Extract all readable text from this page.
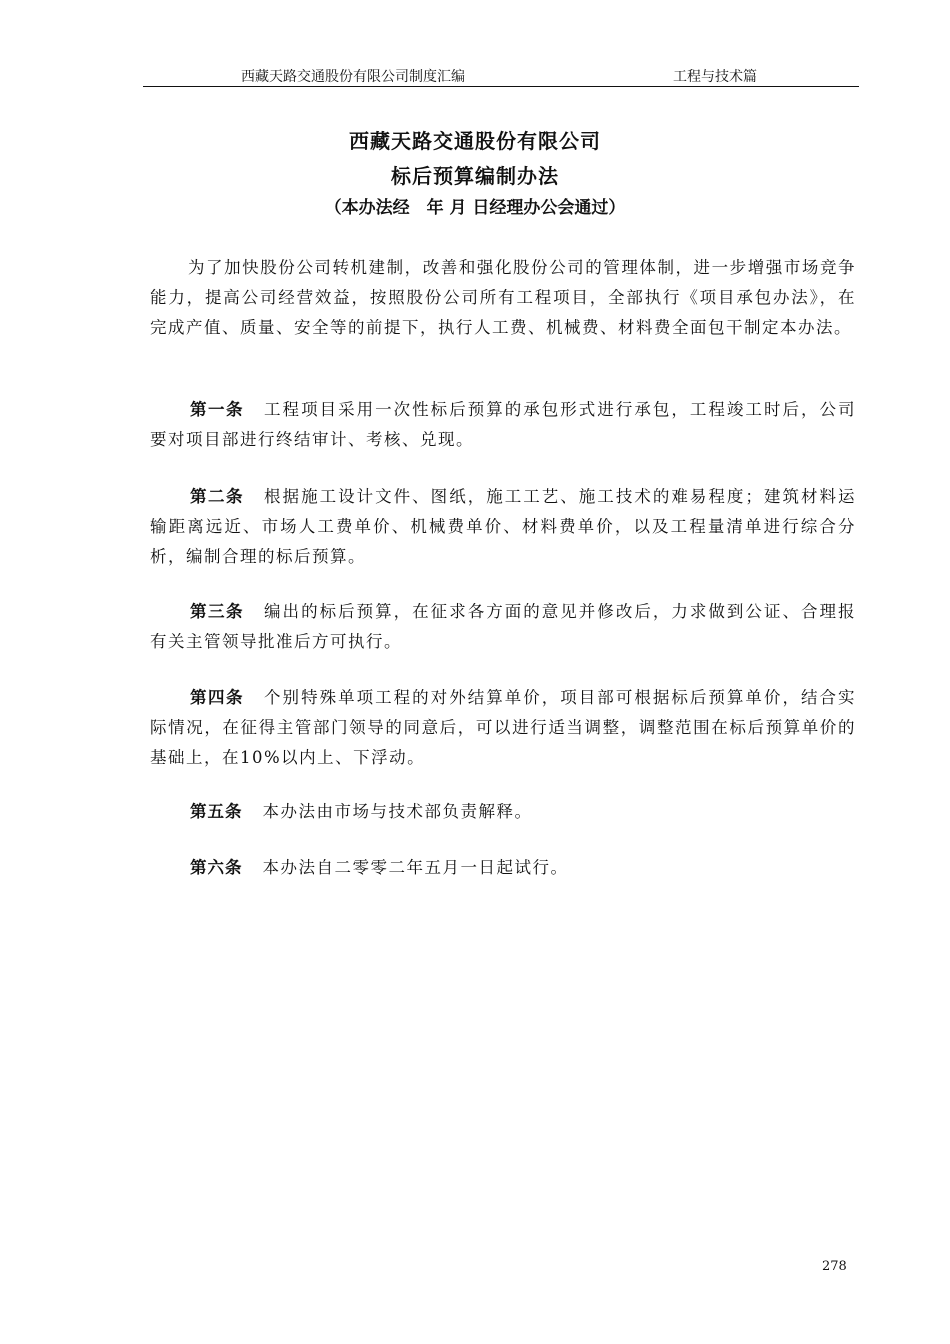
西藏天路交通股份有限公司制度汇编	工程与技术篇
西藏天路交通股份有限公司
标后预算编制办法
（本办法经　年 月 日经理办公会通过）

为了加快股份公司转机建制，改善和强化股份公司的管理体制，进一步增强市场竞争能力，提高公司经营效益，按照股份公司所有工程项目，全部执行《项目承包办法》，在完成产值、质量、安全等的前提下，执行人工费、机械费、材料费全面包干制定本办法。

第一条 工程项目采用一次性标后预算的承包形式进行承包，工程竣工时后，公司要对项目部进行终结审计、考核、兑现。

第二条 根据施工设计文件、图纸，施工工艺、施工技术的难易程度；建筑材料运输距离远近、市场人工费单价、机械费单价、材料费单价，以及工程量清单进行综合分析，编制合理的标后预算。

第三条 编出的标后预算，在征求各方面的意见并修改后，力求做到公证、合理报有关主管领导批准后方可执行。

第四条 个别特殊单项工程的对外结算单价，项目部可根据标后预算单价，结合实际情况，在征得主管部门领导的同意后，可以进行适当调整，调整范围在标后预算单价的基础上，在10%以内上、下浮动。

第五条 本办法由市场与技术部负责解释。

第六条 本办法自二零零二年五月一日起试行。

278
